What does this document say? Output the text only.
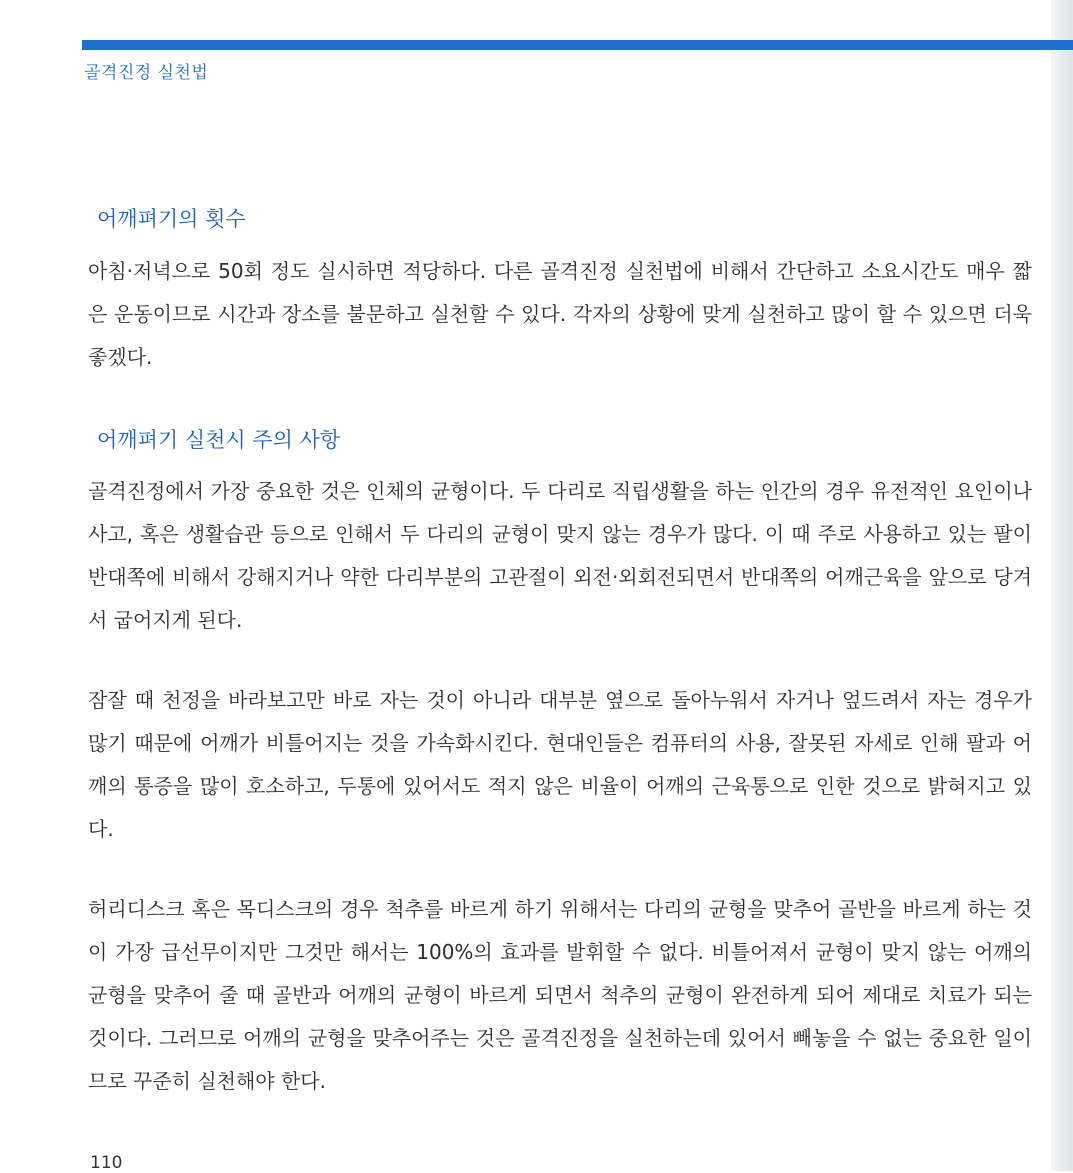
골격진정 실천법
어깨펴기의 횟수

아침·저녁으로 50회 정도 실시하면 적당하다. 다른 골격진정 실천법에 비해서 간단하고 소요시간도 매우 짧은 운동이므로 시간과 장소를 불문하고 실천할 수 있다. 각자의 상황에 맞게 실천하고 많이 할 수 있으면 더욱 좋겠다.

어깨펴기 실천시 주의 사항

골격진정에서 가장 중요한 것은 인체의 균형이다. 두 다리로 직립생활을 하는 인간의 경우 유전적인 요인이나 사고, 혹은 생활습관 등으로 인해서 두 다리의 균형이 맞지 않는 경우가 많다. 이 때 주로 사용하고 있는 팔이 반대쪽에 비해서 강해지거나 약한 다리부분의 고관절이 외전·외회전되면서 반대쪽의 어깨근육을 앞으로 당겨서 굽어지게 된다.

잠잘 때 천정을 바라보고만 바로 자는 것이 아니라 대부분 옆으로 돌아누워서 자거나 엎드려서 자는 경우가 많기 때문에 어깨가 비틀어지는 것을 가속화시킨다. 현대인들은 컴퓨터의 사용, 잘못된 자세로 인해 팔과 어깨의 통증을 많이 호소하고, 두통에 있어서도 적지 않은 비율이 어깨의 근육통으로 인한 것으로 밝혀지고 있다.

허리디스크 혹은 목디스크의 경우 척추를 바르게 하기 위해서는 다리의 균형을 맞추어 골반을 바르게 하는 것이 가장 급선무이지만 그것만 해서는 100%의 효과를 발휘할 수 없다. 비틀어져서 균형이 맞지 않는 어깨의 균형을 맞추어 줄 때 골반과 어깨의 균형이 바르게 되면서 척추의 균형이 완전하게 되어 제대로 치료가 되는 것이다. 그러므로 어깨의 균형을 맞추어주는 것은 골격진정을 실천하는데 있어서 빼놓을 수 없는 중요한 일이므로 꾸준히 실천해야 한다.

110
